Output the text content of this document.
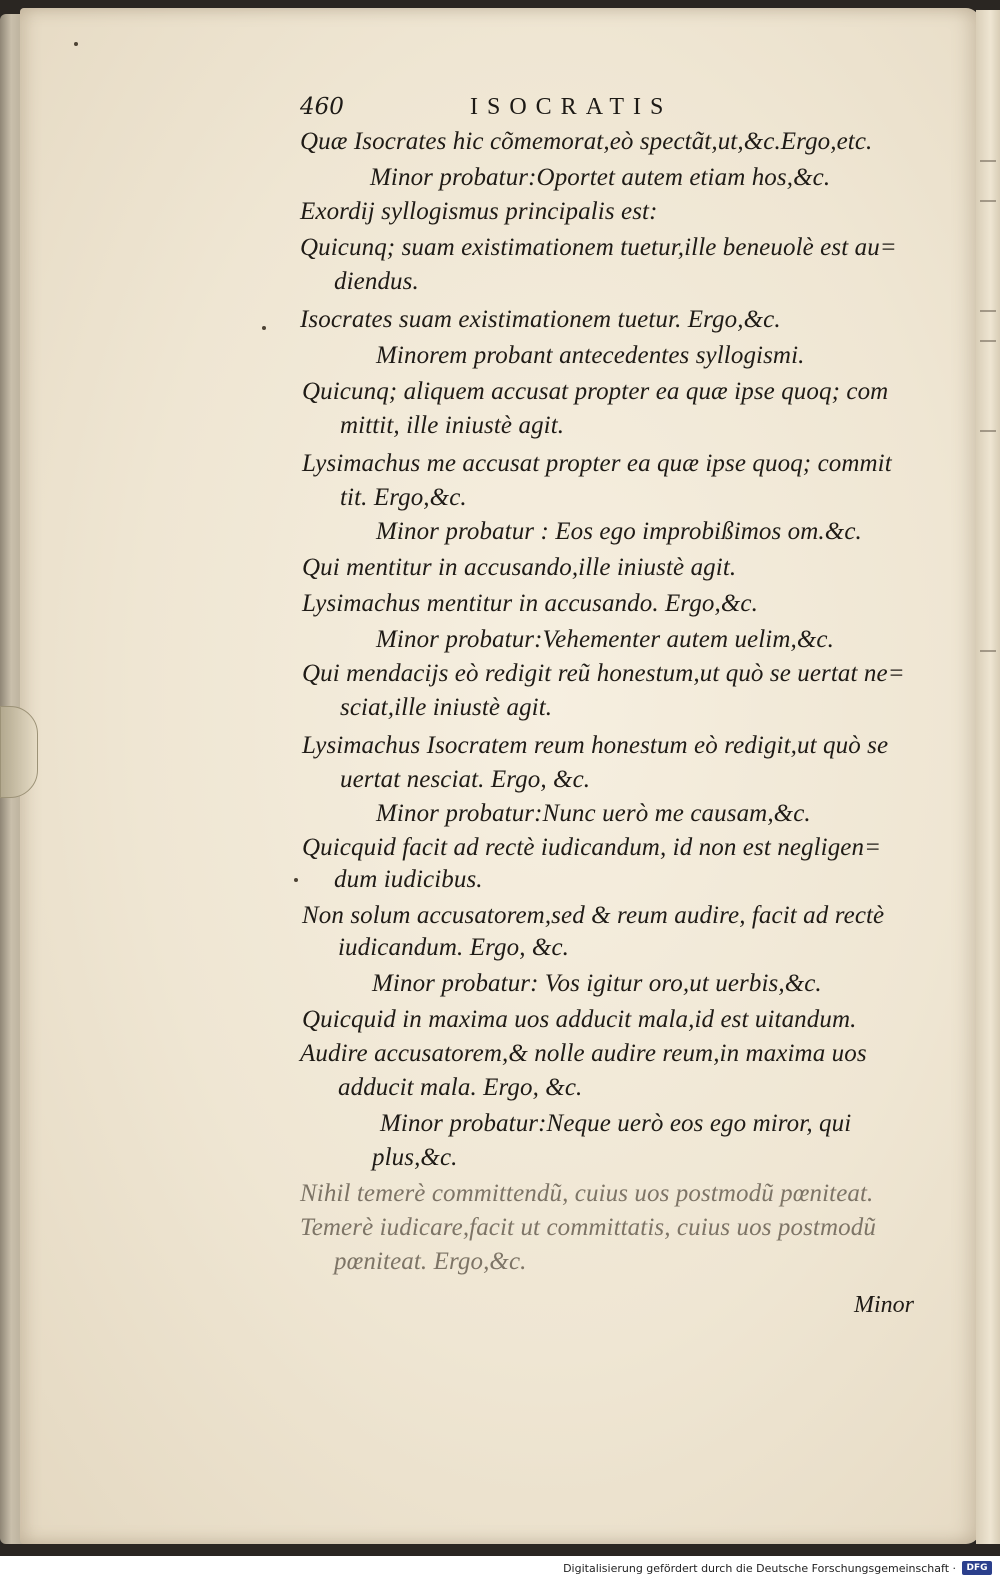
460	ISOCRATIS
Quæ Isocrates hic cõmemorat,eò spectãt,ut,&c.Ergo,etc.
Minor probatur:Oportet autem etiam hos,&c.
Exordij syllogismus principalis est:
Quicunq; suam existimationem tuetur,ille beneuolè est au=
diendus.
Isocrates suam existimationem tuetur. Ergo,&c.
Minorem probant antecedentes syllogismi.
Quicunq; aliquem accusat propter ea quæ ipse quoq; com
mittit, ille iniustè agit.
Lysimachus me accusat propter ea quæ ipse quoq; commit
tit. Ergo,&c.
Minor probatur : Eos ego improbißimos om.&c.
Qui mentitur in accusando,ille iniustè agit.
Lysimachus mentitur in accusando. Ergo,&c.
Minor probatur:Vehementer autem uelim,&c.
Qui mendacijs eò redigit reũ honestum,ut quò se uertat ne=
sciat,ille iniustè agit.
Lysimachus Isocratem reum honestum eò redigit,ut quò se
uertat nesciat. Ergo, &c.
Minor probatur:Nunc uerò me causam,&c.
Quicquid facit ad rectè iudicandum, id non est negligen=
dum iudicibus.
Non solum accusatorem,sed & reum audire, facit ad rectè
iudicandum. Ergo, &c.
Minor probatur: Vos igitur oro,ut uerbis,&c.
Quicquid in maxima uos adducit mala,id est uitandum.
Audire accusatorem,& nolle audire reum,in maxima uos
adducit mala. Ergo, &c.
Minor probatur:Neque uerò eos ego miror, qui
plus,&c.
Nihil temerè committendũ, cuius uos postmodũ pœniteat.
Temerè iudicare,facit ut committatis, cuius uos postmodũ
pœniteat. Ergo,&c.
Minor
Digitalisierung gefördert durch die Deutsche Forschungsgemeinschaft ·	DFG
